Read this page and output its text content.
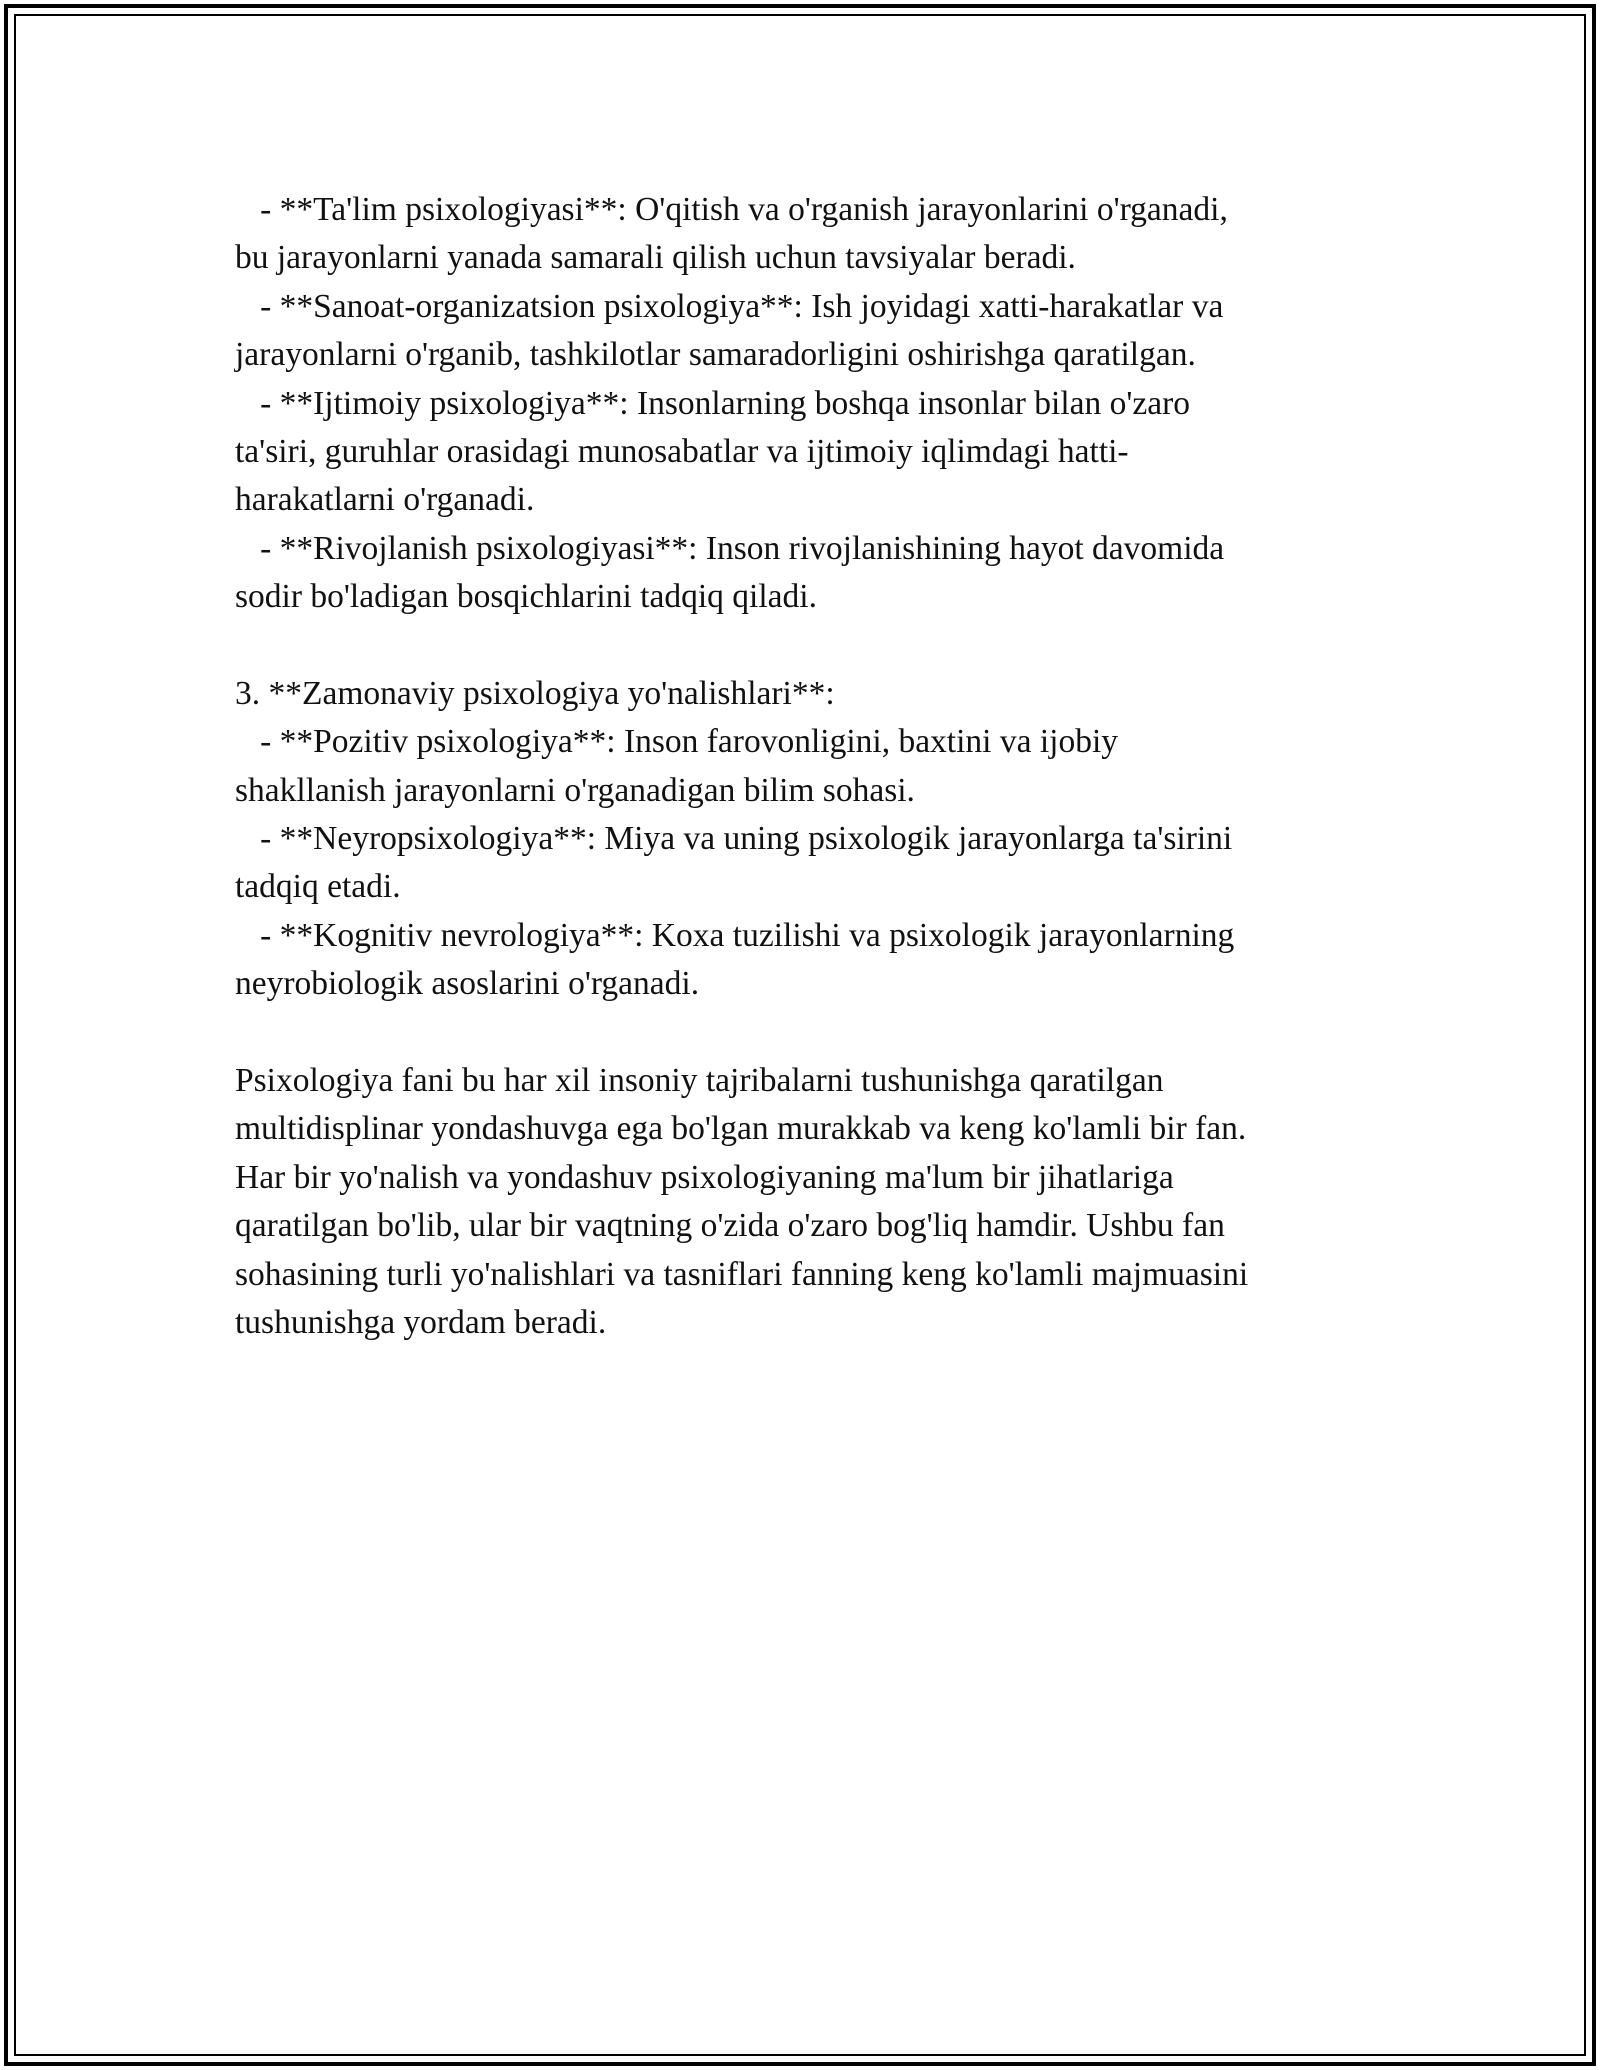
- **Ta'lim psixologiyasi**: O'qitish va o'rganish jarayonlarini o'rganadi,
bu jarayonlarni yanada samarali qilish uchun tavsiyalar beradi.
- **Sanoat-organizatsion psixologiya**: Ish joyidagi xatti-harakatlar va
jarayonlarni o'rganib, tashkilotlar samaradorligini oshirishga qaratilgan.
- **Ijtimoiy psixologiya**: Insonlarning boshqa insonlar bilan o'zaro
ta'siri, guruhlar orasidagi munosabatlar va ijtimoiy iqlimdagi hatti-
harakatlarni o'rganadi.
- **Rivojlanish psixologiyasi**: Inson rivojlanishining hayot davomida
sodir bo'ladigan bosqichlarini tadqiq qiladi.
3. **Zamonaviy psixologiya yo'nalishlari**:
- **Pozitiv psixologiya**: Inson farovonligini, baxtini va ijobiy
shakllanish jarayonlarni o'rganadigan bilim sohasi.
- **Neyropsixologiya**: Miya va uning psixologik jarayonlarga ta'sirini
tadqiq etadi.
- **Kognitiv nevrologiya**: Koxa tuzilishi va psixologik jarayonlarning
neyrobiologik asoslarini o'rganadi.
Psixologiya fani bu har xil insoniy tajribalarni tushunishga qaratilgan
multidisplinar yondashuvga ega bo'lgan murakkab va keng ko'lamli bir fan.
Har bir yo'nalish va yondashuv psixologiyaning ma'lum bir jihatlariga
qaratilgan bo'lib, ular bir vaqtning o'zida o'zaro bog'liq hamdir. Ushbu fan
sohasining turli yo'nalishlari va tasniflari fanning keng ko'lamli majmuasini
tushunishga yordam beradi.
